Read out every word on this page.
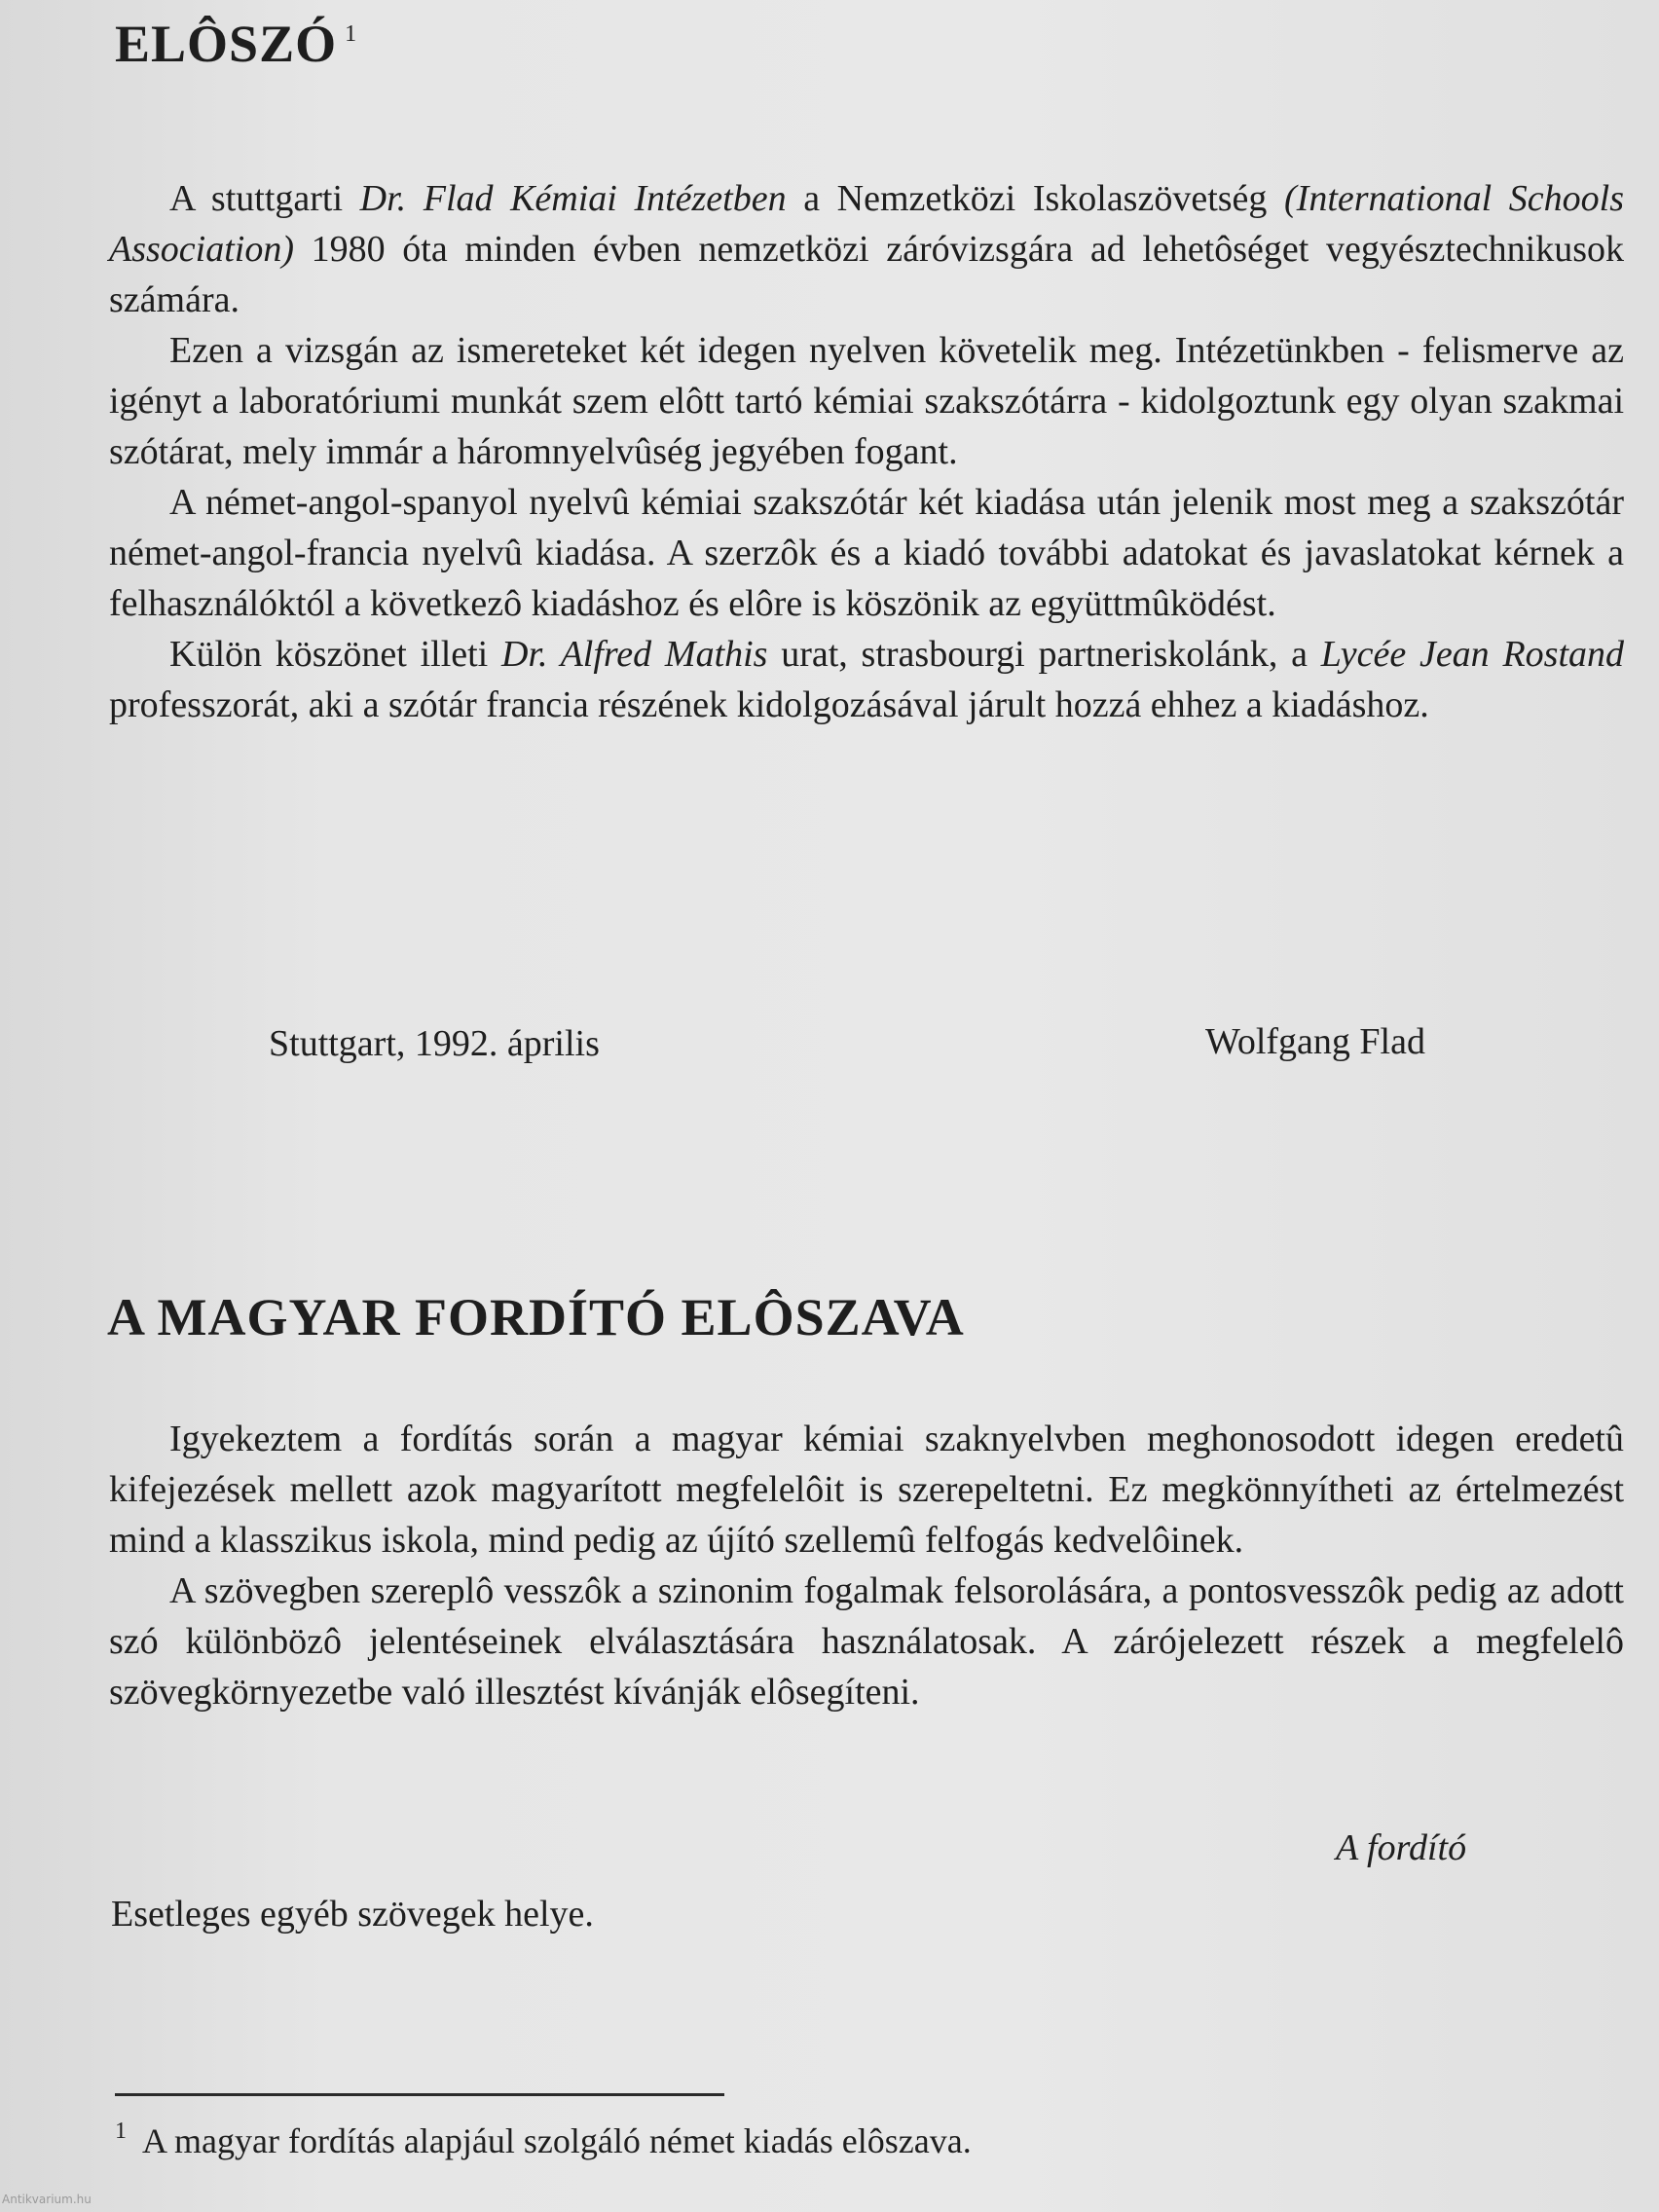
ELÔSZÓ $^1$

A stuttgarti Dr. Flad Kémiai Intézetben a Nemzetközi Iskolaszövetség (International Schools Association) 1980 óta minden évben nemzetközi záróvizsgára ad lehetôséget vegyésztechnikusok számára.

Ezen a vizsgán az ismereteket két idegen nyelven követelik meg. Intézetünkben - felismerve az igényt a laboratóriumi munkát szem elôtt tartó kémiai szakszótárra - kidolgoztunk egy olyan szakmai szótárat, mely immár a háromnyelvûség jegyében fogant.

A német-angol-spanyol nyelvû kémiai szakszótár két kiadása után jelenik most meg a szakszótár német-angol-francia nyelvû kiadása. A szerzôk és a kiadó további adatokat és javaslatokat kérnek a felhasználóktól a következô kiadáshoz és elôre is köszönik az együttmûködést.

Külön köszönet illeti Dr. Alfred Mathis urat, strasbourgi partneriskolánk, a Lycée Jean Rostand professzorát, aki a szótár francia részének kidolgozásával járult hozzá ehhez a kiadáshoz.

Stuttgart, 1992. április	Wolfgang Flad
A MAGYAR FORDÍTÓ ELÔSZAVA

Igyekeztem a fordítás során a magyar kémiai szaknyelvben meghonosodott idegen eredetû kifejezések mellett azok magyarított megfelelôit is szerepeltetni. Ez megkönnyítheti az értelmezést mind a klasszikus iskola, mind pedig az újító szellemû felfogás kedvelôinek.

A szövegben szereplô vesszôk a szinonim fogalmak felsorolására, a pontosvesszôk pedig az adott szó különbözô jelentéseinek elválasztására használatosak. A zárójelezett részek a megfelelô szövegkörnyezetbe való illesztést kívánják elôsegíteni.

A fordító
Esetleges egyéb szövegek helye.
$^1$ A magyar fordítás alapjául szolgáló német kiadás elôszava.
Antikvarium.hu
